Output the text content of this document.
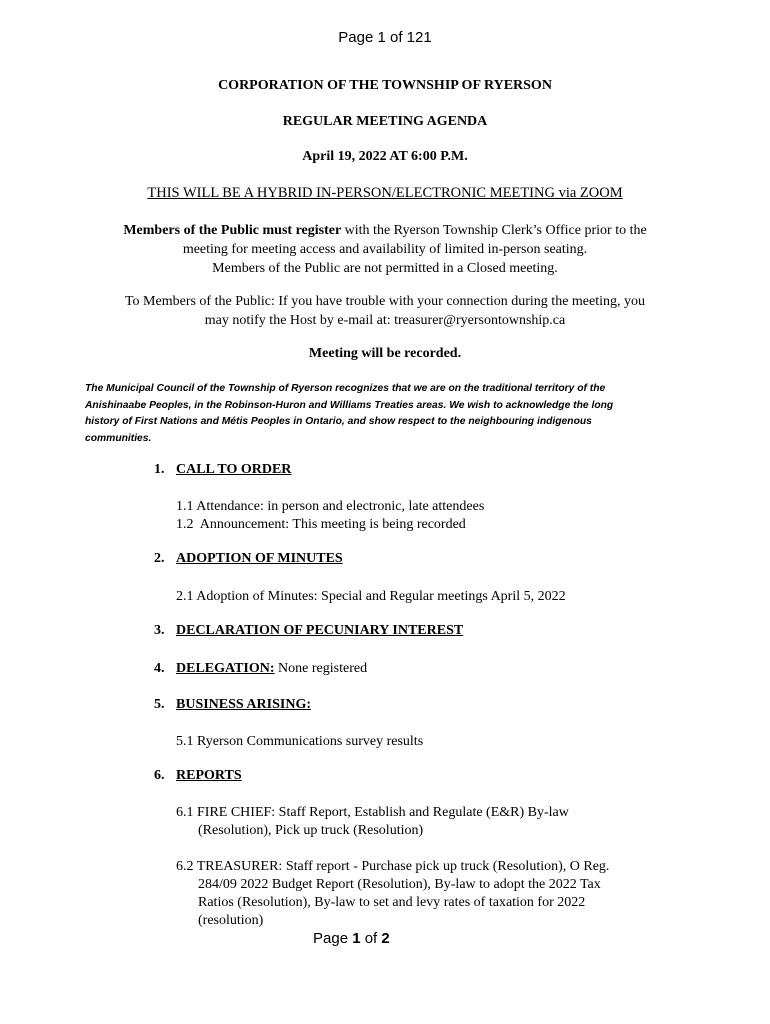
Page 1 of 121
CORPORATION OF THE TOWNSHIP OF RYERSON
REGULAR MEETING AGENDA
April 19, 2022 AT 6:00 P.M.
THIS WILL BE A HYBRID IN-PERSON/ELECTRONIC MEETING via ZOOM
Members of the Public must register with the Ryerson Township Clerk’s Office prior to the
meeting for meeting access and availability of limited in-person seating.
Members of the Public are not permitted in a Closed meeting.
To Members of the Public: If you have trouble with your connection during the meeting, you
may notify the Host by e-mail at: treasurer@ryersontownship.ca
Meeting will be recorded.
The Municipal Council of the Township of Ryerson recognizes that we are on the traditional territory of the
Anishinaabe Peoples, in the Robinson-Huron and Williams Treaties areas. We wish to acknowledge the long
history of First Nations and Métis Peoples in Ontario, and show respect to the neighbouring indigenous
communities.
1. CALL TO ORDER
1.1 Attendance: in person and electronic, late attendees
1.2  Announcement: This meeting is being recorded
2. ADOPTION OF MINUTES
2.1 Adoption of Minutes: Special and Regular meetings April 5, 2022
3. DECLARATION OF PECUNIARY INTEREST
4. DELEGATION: None registered
5. BUSINESS ARISING:
5.1 Ryerson Communications survey results
6. REPORTS
6.1 FIRE CHIEF: Staff Report, Establish and Regulate (E&R) By-law
(Resolution), Pick up truck (Resolution)
6.2 TREASURER: Staff report - Purchase pick up truck (Resolution), O Reg.
284/09 2022 Budget Report (Resolution), By-law to adopt the 2022 Tax
Ratios (Resolution), By-law to set and levy rates of taxation for 2022
(resolution)
Page 1 of 2
